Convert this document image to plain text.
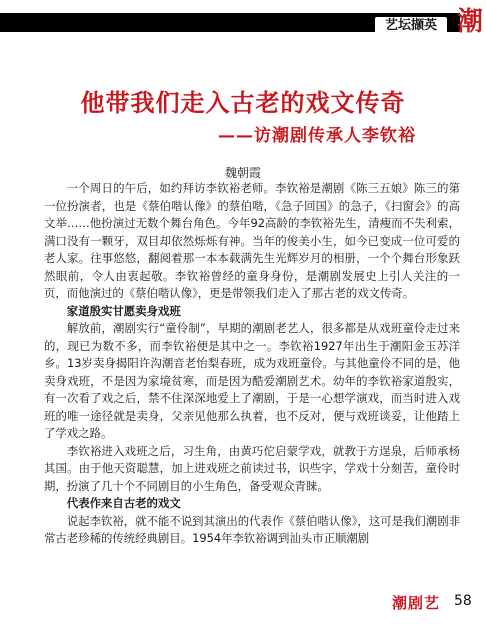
艺坛撷英 潮
他带我们走入古老的戏文传奇
——访潮剧传承人李钦裕
魏朝霞

一个周日的午后，如约拜访李钦裕老师。李钦裕是潮剧《陈三五娘》陈三的第一位扮演者，也是《蔡伯喈认像》的蔡伯喈，《急子回国》的急子，《扫窗会》的高文举……他扮演过无数个舞台角色。今年92高龄的李钦裕先生，清瘦而不失利索，满口没有一颗牙，双目却依然烁烁有神。当年的俊美小生，如今已变成一位可爱的老人家。往事悠悠，翻阅着那一本本载满先生光辉岁月的相册，一个个舞台形象跃然眼前，令人由衷起敬。李钦裕曾经的童身身份，是潮剧发展史上引人关注的一页，而他演过的《蔡伯喈认像》，更是带领我们走入了那古老的戏文传奇。

家道殷实甘愿卖身戏班

解放前，潮剧实行“童伶制”，早期的潮剧老艺人，很多都是从戏班童伶走过来的，现已为数不多，而李钦裕便是其中之一。李钦裕1927年出生于潮阳金玉苏洋乡。13岁卖身揭阳许沟潮音老怡梨春班，成为戏班童伶。与其他童伶不同的是，他卖身戏班，不是因为家境贫寒，而是因为酷爱潮剧艺术。幼年的李钦裕家道殷实，有一次看了戏之后，禁不住深深地爱上了潮剧，于是一心想学演戏，而当时进入戏班的唯一途径就是卖身，父亲见他那么执着，也不反对，便与戏班谈妥，让他踏上了学戏之路。

李钦裕进入戏班之后，习生角，由黄巧佗启蒙学戏，就教于方逞泉，后师承杨其国。由于他天资聪慧，加上进戏班之前读过书，识些字，学戏十分刻苦，童伶时期，扮演了几十个不同剧目的小生角色，备受观众青睐。

代表作来自古老的戏文

说起李钦裕，就不能不说到其演出的代表作《蔡伯喈认像》，这可是我们潮剧非常古老珍稀的传统经典剧目。1954年李钦裕调到汕头市正顺潮剧

潮剧艺 58
